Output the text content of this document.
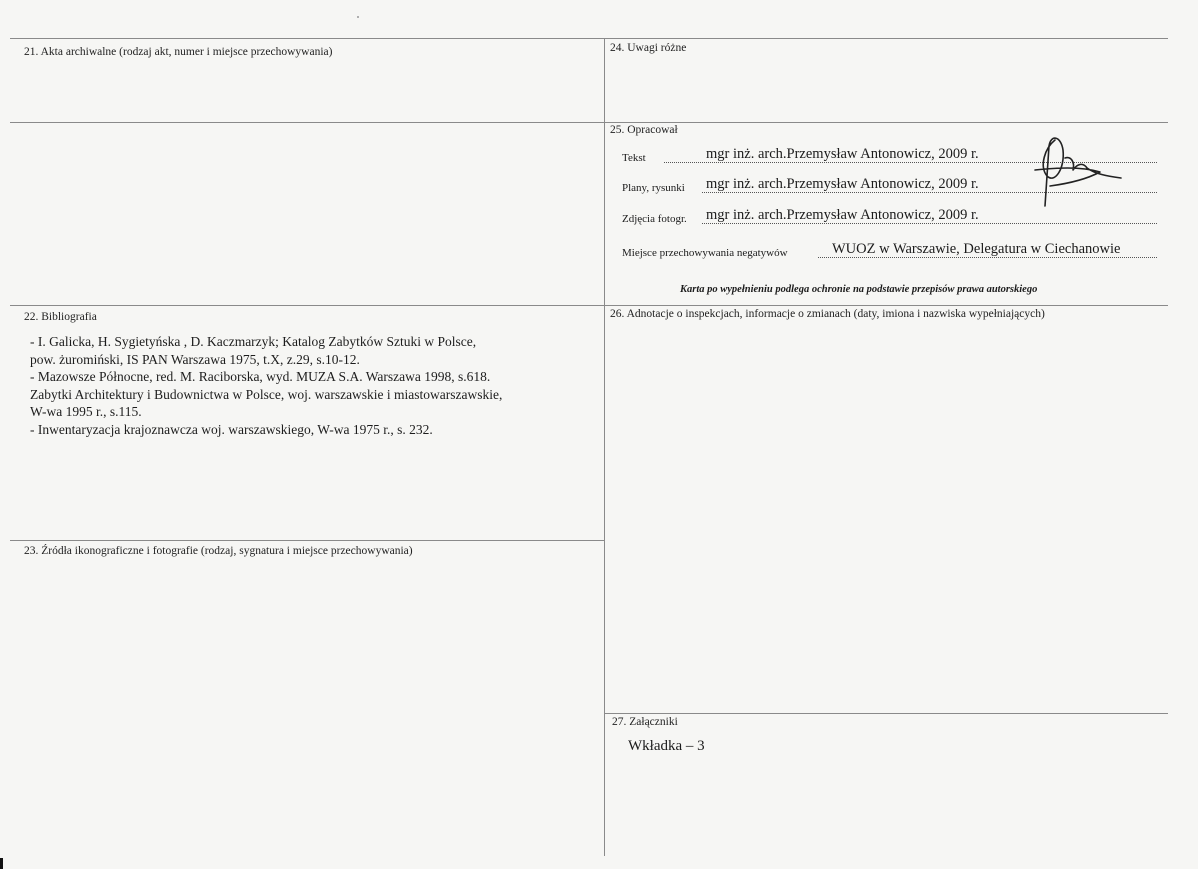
21. Akta archiwalne (rodzaj akt, numer i miejsce przechowywania)
22. Bibliografia
- I. Galicka, H. Sygietyńska , D. Kaczmarzyk; Katalog Zabytków Sztuki w Polsce,
pow. żuromiński, IS PAN Warszawa 1975, t.X, z.29, s.10-12.
- Mazowsze Północne, red. M. Raciborska, wyd. MUZA S.A. Warszawa 1998, s.618.
Zabytki Architektury i Budownictwa w Polsce, woj. warszawskie i miastowarszawskie,
W-wa 1995 r., s.115.
- Inwentaryzacja krajoznawcza woj. warszawskiego, W-wa 1975 r., s. 232.
23. Źródła ikonograficzne i fotografie (rodzaj, sygnatura i miejsce przechowywania)
24. Uwagi różne
25. Opracował
Tekst	mgr inż. arch.Przemysław Antonowicz, 2009 r.
Plany, rysunki mgr inż. arch.Przemysław Antonowicz, 2009 r.
Zdjęcia fotogr. mgr inż. arch.Przemysław Antonowicz, 2009 r.
Miejsce przechowywania negatywów	WUOZ w Warszawie, Delegatura w Ciechanowie
Karta po wypełnieniu podlega ochronie na podstawie przepisów prawa autorskiego
26. Adnotacje o inspekcjach, informacje o zmianach (daty, imiona i nazwiska wypełniających)
27. Załączniki
Wkładka – 3
